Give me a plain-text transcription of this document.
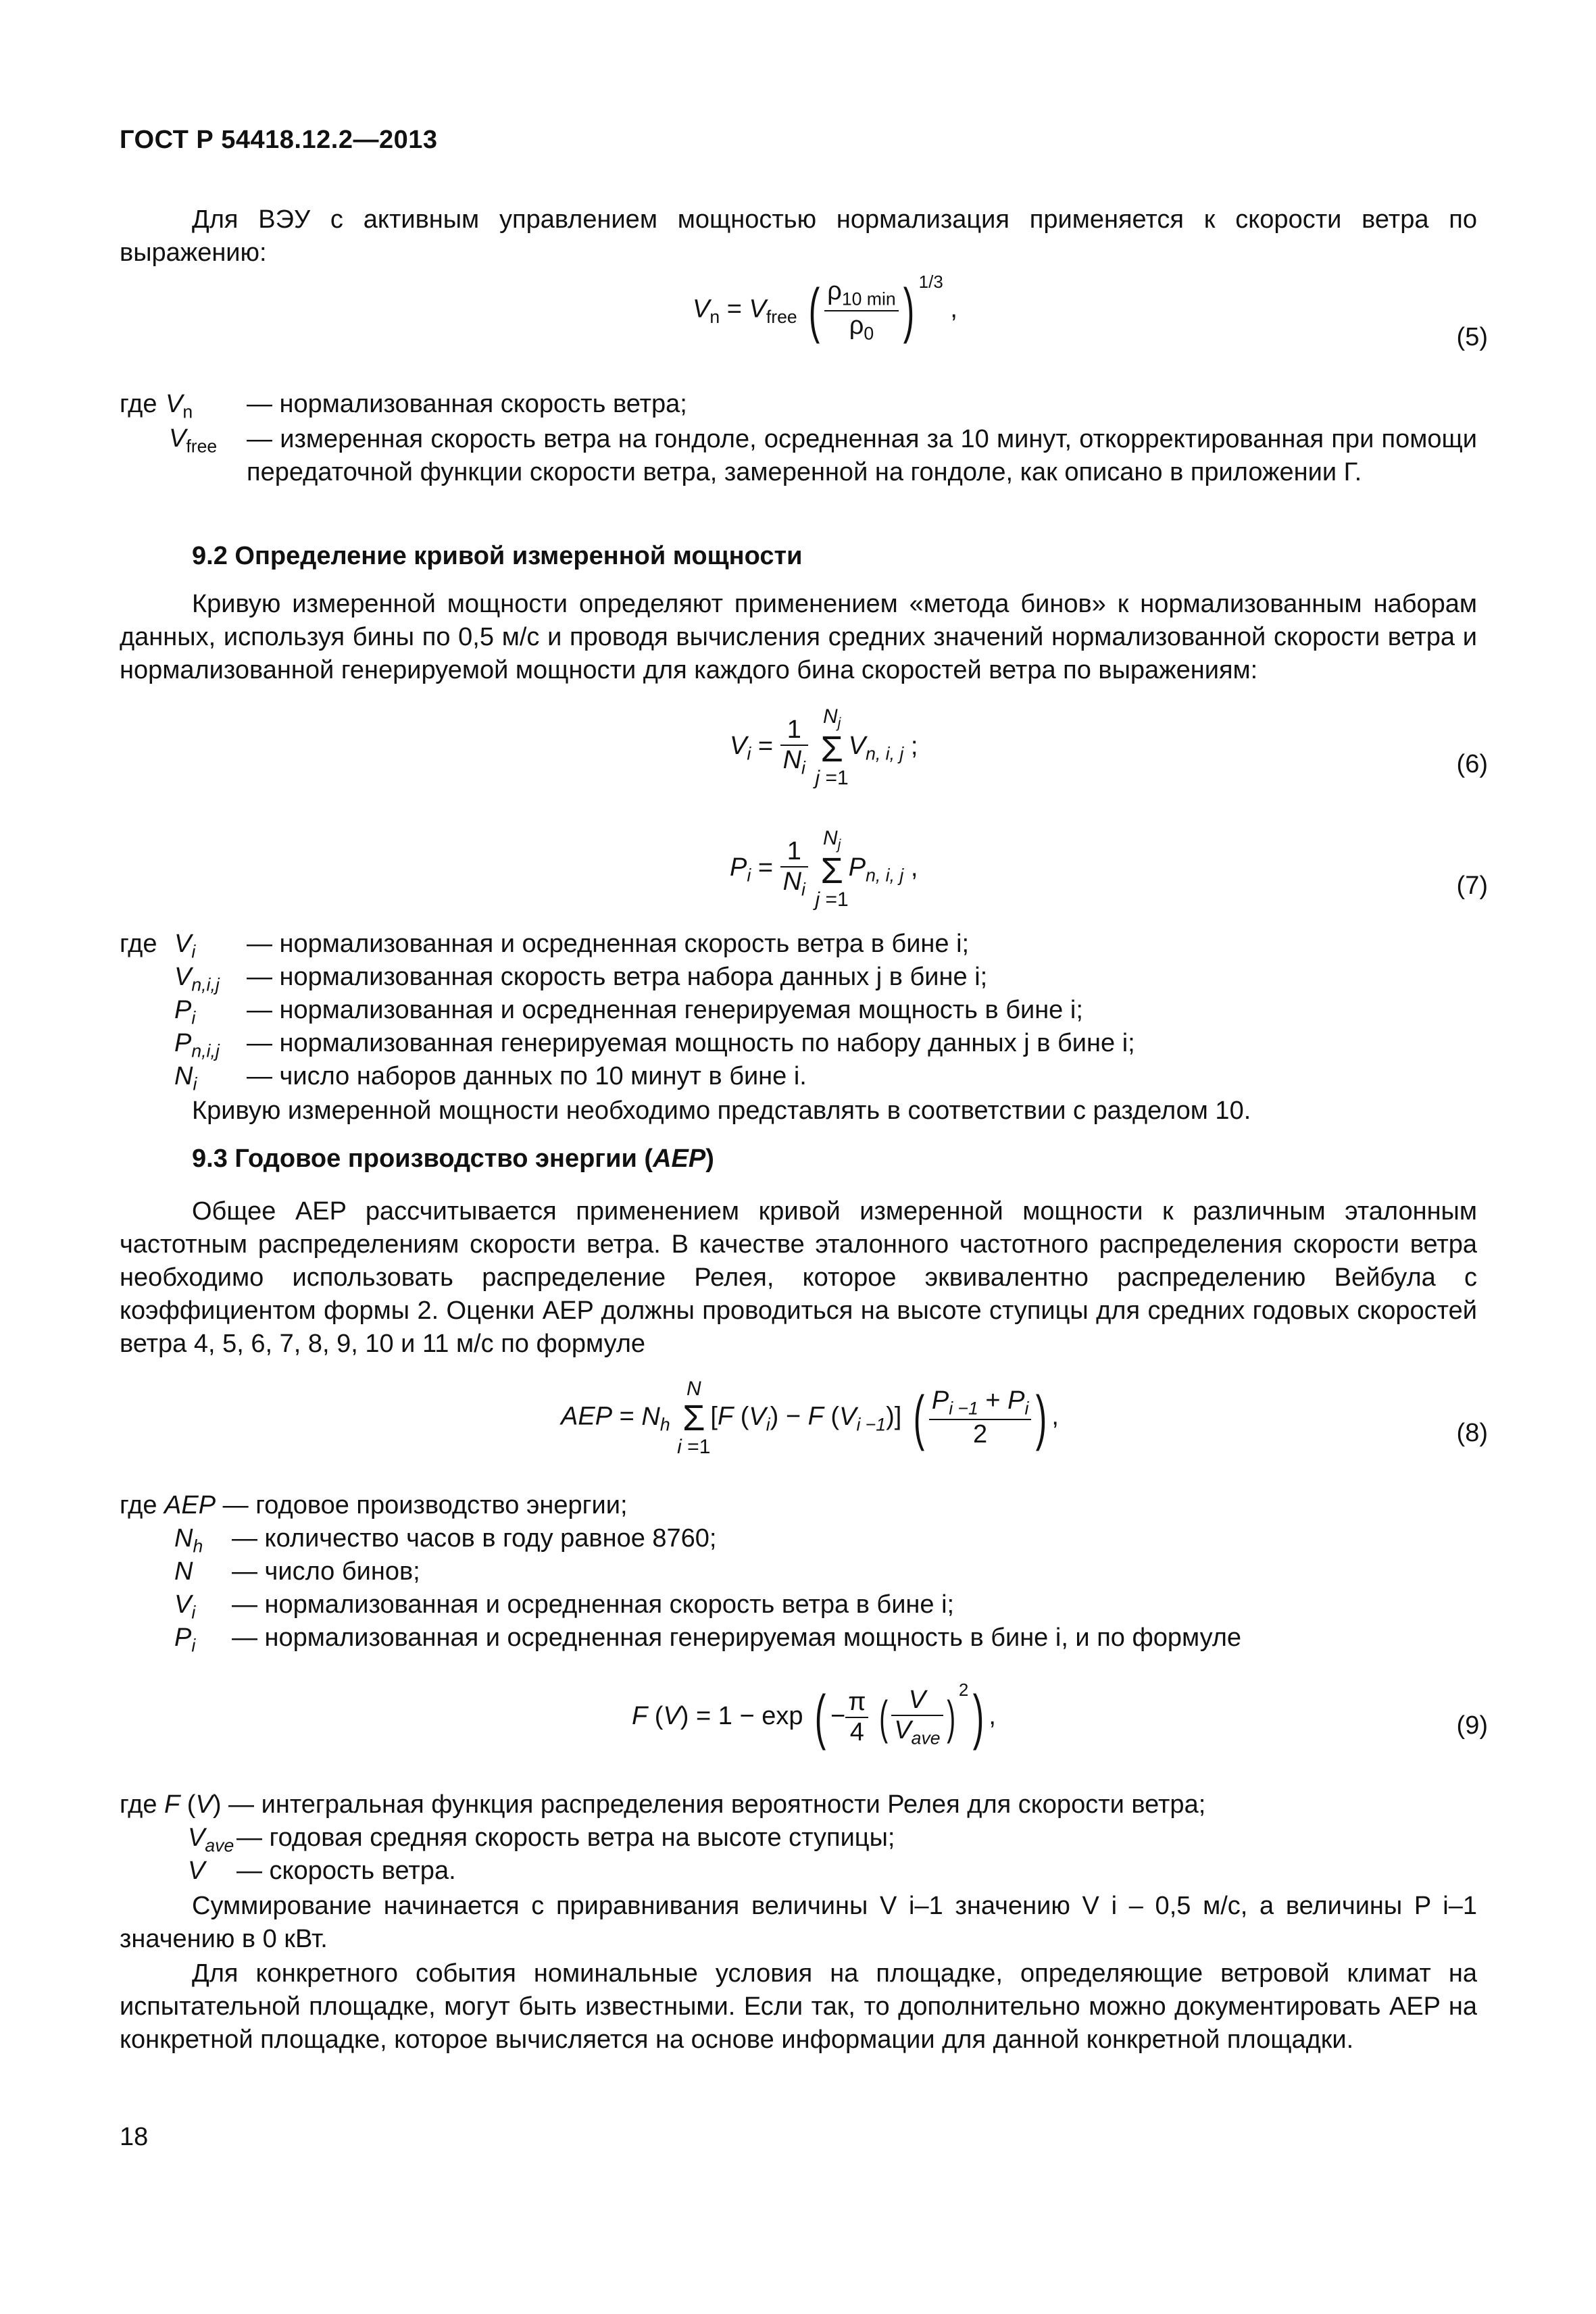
ГОСТ Р 54418.12.2—2013
Для ВЭУ с активным управлением мощностью нормализация применяется к скорости ветра по выражению:
$V_n = V_{free}$ ( $\frac{\rho_{10 min}}{\rho_0}$ ) $^{1/3}$ ,
(5)
где $V_n$ — нормализованная скорость ветра;
$V_{free}$ — измеренная скорость ветра на гондоле, осредненная за 10 минут, откорректированная при помощи передаточной функции скорости ветра, замеренной на гондоле, как описано в приложении Г.
9.2 Определение кривой измеренной мощности
Кривую измеренной мощности определяют применением «метода бинов» к нормализованным наборам данных, используя бины по 0,5 м/с и проводя вычисления средних значений нормализованной скорости ветра и нормализованной генерируемой мощности для каждого бина скоростей ветра по выражениям:
$V_i = \frac{1}{N_i} N_j$
Σ
$j =1V_{n, i, j}$ ;
(6)
$P_i = \frac{1}{N_i} N_j$
Σ
$j =1P_{n, i, j}$ ,
(7)
где $V_i$ — нормализованная и осредненная скорость ветра в бине i;
$V_{n,i,j}$ — нормализованная скорость ветра набора данных j в бине i;
$P_i$ — нормализованная и осредненная генерируемая мощность в бине i;
$P_{n,i,j}$ — нормализованная генерируемая мощность по набору данных j в бине i;
$N_i$ — число наборов данных по 10 минут в бине i.
Кривую измеренной мощности необходимо представлять в соответствии с разделом 10.
9.3 Годовое производство энергии (AEP)
Общее AEP рассчитывается применением кривой измеренной мощности к различным эталонным частотным распределениям скорости ветра. В качестве эталонного частотного распределения скорости ветра необходимо использовать распределение Релея, которое эквивалентно распределению Вейбула с коэффициентом формы 2. Оценки AEP должны проводиться на высоте ступицы для средних годовых скоростей ветра 4, 5, 6, 7, 8, 9, 10 и 11 м/с по формуле
AEP = $N_h$ N
Σ
i =1[F $(V_i) - F$ $(V_{i -1})$] ( $\frac{P_{i -1} + P_i}{2}$ ) ,
(8)
где AEP — годовое производство энергии;
$N_h$ — количество часов в году равное 8760;
N — число бинов;
$V_i$ — нормализованная и осредненная скорость ветра в бине i;
$P_i$ — нормализованная и осредненная генерируемая мощность в бине i, и по формуле
F (V) = 1 − exp ( − $\frac{\pi}{4}$ ( $\frac{V}{V_{ave}} )^2$) ,	(9)
где F (V) — интегральная функция распределения вероятности Релея для скорости ветра;
$V_{ave}$ — годовая средняя скорость ветра на высоте ступицы;
V — скорость ветра.
Суммирование начинается с приравнивания величины V i–1 значению V i – 0,5 м/с, а величины P i–1 значению в 0 кВт.
Для конкретного события номинальные условия на площадке, определяющие ветровой климат на испытательной площадке, могут быть известными. Если так, то дополнительно можно документировать AEP на конкретной площадке, которое вычисляется на основе информации для данной конкретной площадки.
18
